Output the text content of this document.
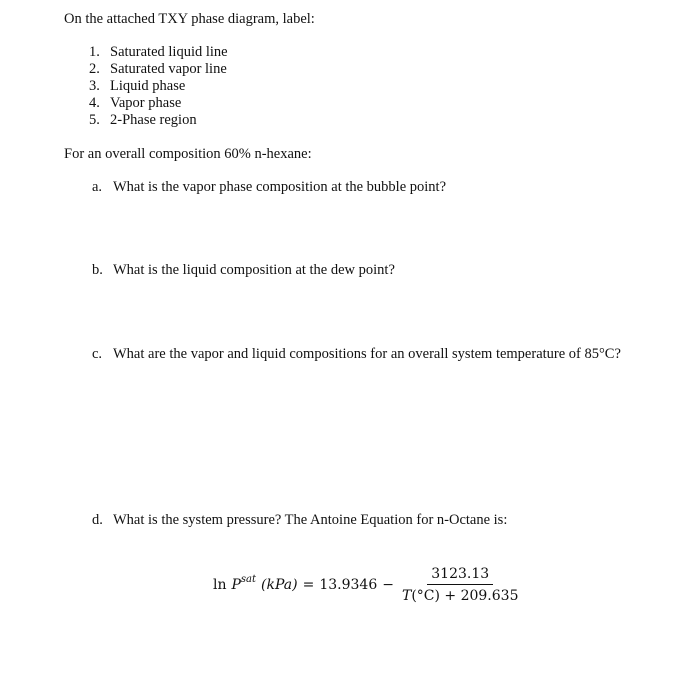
On the attached TXY phase diagram, label:
1. Saturated liquid line
2. Saturated vapor line
3. Liquid phase
4. Vapor phase
5. 2-Phase region
For an overall composition 60% n-hexane:
a. What is the vapor phase composition at the bubble point?
b. What is the liquid composition at the dew point?
c. What are the vapor and liquid compositions for an overall system temperature of 85°C?
d. What is the system pressure? The Antoine Equation for n-Octane is:
$\ln P^{sat}$ $(kPa) = 13.9346 - \frac{3123.13}{T(^\circ C) + 209.635}$
